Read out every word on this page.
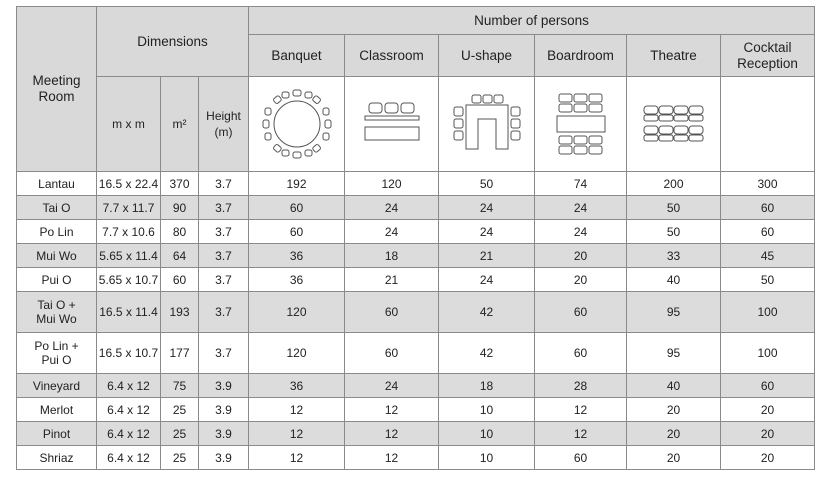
Meeting Room	Dimensions			Number of persons					
				Banquet	Classroom	U-shape	Boardroom	Theatre	Cocktail Reception
	m x m	m²	Height (m)	

Lantau	16.5 x 22.4	370	3.7	192	120	50	74	200	300
Tai O	7.7 x 11.7	90	3.7	60	24	24	24	50	60
Po Lin	7.7 x 10.6	80	3.7	60	24	24	24	50	60
Mui Wo	5.65 x 11.4	64	3.7	36	18	21	20	33	45
Pui O	5.65 x 10.7	60	3.7	36	21	24	20	40	50
Tai O +
Mui Wo	16.5 x 11.4	193	3.7	120	60	42	60	95	100
Po Lin +
Pui O	16.5 x 10.7	177	3.7	120	60	42	60	95	100
Vineyard	6.4 x 12	75	3.9	36	24	18	28	40	60
Merlot	6.4 x 12	25	3.9	12	12	10	12	20	20
Pinot	6.4 x 12	25	3.9	12	12	10	12	20	20
Shriaz	6.4 x 12	25	3.9	12	12	10	60	20	20
